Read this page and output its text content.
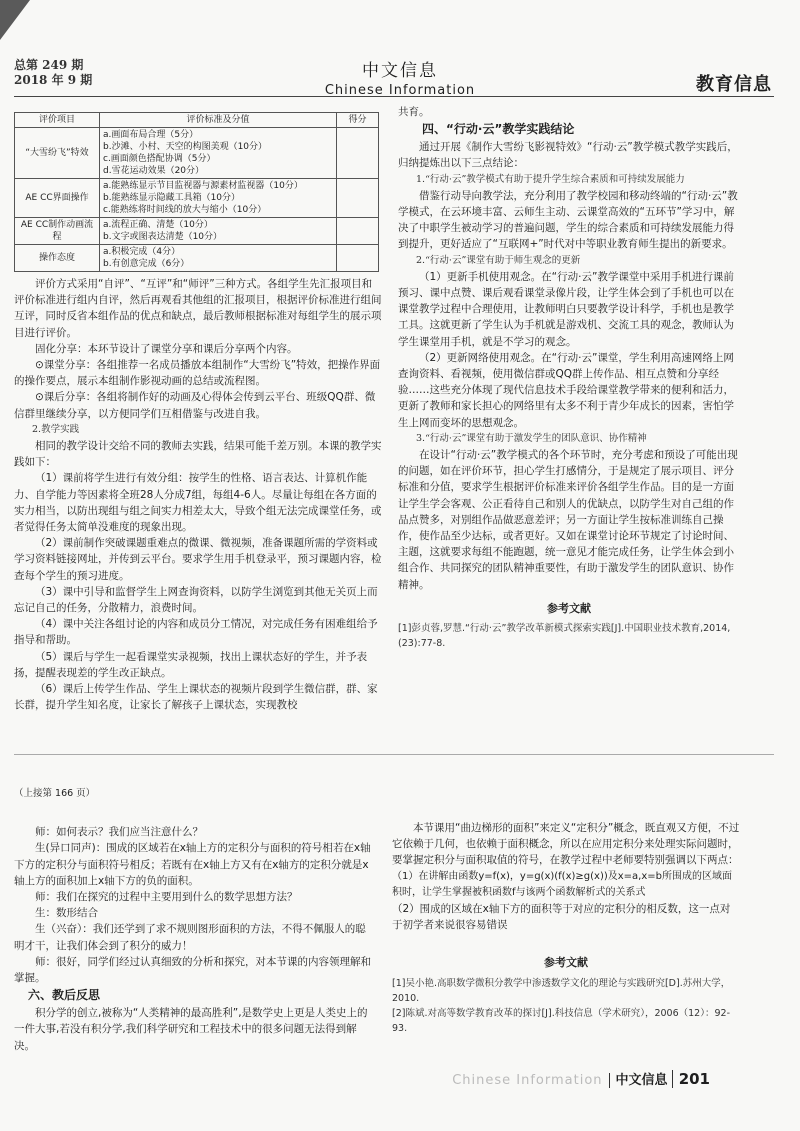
总第 249 期
2018 年 9 期	中文信息
Chinese Information	教育信息
评价项目	评价标准及分值	得分
“大雪纷飞”特效	a.画面布局合理（5分）
b.沙滩、小村、天空的构图美观（10分）
c.画面颜色搭配协调（5分）
d.雪花运动效果（20分）	

AE CC界面操作	a.能熟练显示节目监视器与源素材监视器（10分）
b.能熟练显示隐藏工具箱（10分）
c.能熟练将时间线的放大与缩小（10分）	

AE CC制作动画流程	a.流程正确、清楚（10分）
b.文字或图表达清楚（10分）	

操作态度	a.积极完成（4分）
b.有创意完成（6分）	

评价方式采用“自评”、“互评”和“师评”三种方式。各组学生先汇报项目和评价标准进行组内自评，然后再观看其他组的汇报项目，根据评价标准进行组间互评，同时反省本组作品的优点和缺点，最后教师根据标准对每组学生的展示项目进行评价。

固化分享：本环节设计了课堂分享和课后分享两个内容。

⊙课堂分享：各组推荐一名成员播放本组制作“大雪纷飞”特效，把操作界面的操作要点，展示本组制作影视动画的总结或流程图。

⊙课后分享：各组将制作好的动画及心得体会传到云平台、班级QQ群、微信群里继续分享，以方便同学们互相借鉴与改进自我。

2.教学实践

相同的教学设计交给不同的教师去实践，结果可能千差万别。本课的教学实践如下：

（1）课前将学生进行有效分组：按学生的性格、语言表达、计算机作能力、自学能力等因素将全班28人分成7组，每组4-6人。尽量让每组在各方面的实力相当，以防出现组与组之间实力相差太大，导致个组无法完成课堂任务，或者觉得任务太简单没难度的现象出现。

（2）课前制作突破课题重难点的微课、微视频，准备课题所需的学资料或学习资料链接网址，并传到云平台。要求学生用手机登录平，预习课题内容，检查每个学生的预习进度。

（3）课中引导和监督学生上网查询资料，以防学生浏览到其他无关页上而忘记自己的任务，分散精力，浪费时间。

（4）课中关注各组讨论的内容和成员分工情况，对完成任务有困难组给予指导和帮助。

（5）课后与学生一起看课堂实录视频，找出上课状态好的学生，并予表扬，提醒表现差的学生改正缺点。

（6）课后上传学生作品、学生上课状态的视频片段到学生微信群，群、家长群，提升学生知名度，让家长了解孩子上课状态，实现教校

共育。

四、“行动·云”教学实践结论

通过开展《制作大雪纷飞影视特效》“行动·云”教学模式教学实践后，归纳提炼出以下三点结论：

1.“行动·云”教学模式有助于提升学生综合素质和可持续发展能力

借鉴行动导向教学法，充分利用了教学校园和移动终端的“行动·云”教学模式，在云环境丰富、云师生主动、云课堂高效的“五环节”学习中，解决了中职学生被动学习的普遍问题，学生的综合素质和可持续发展能力得到提升，更好适应了“互联网+”时代对中等职业教育师生提出的新要求。

2.“行动·云”课堂有助于师生观念的更新

（1）更新手机使用观念。在“行动·云”教学课堂中采用手机进行课前预习、课中点赞、课后观看课堂录像片段，让学生体会到了手机也可以在课堂教学过程中合理使用，让教师明白只要教学设计科学，手机也是教学工具。这就更新了学生认为手机就是游戏机、交流工具的观念，教师认为学生课堂用手机，就是不学习的观念。

（2）更新网络使用观念。在“行动·云”课堂，学生利用高速网络上网查询资料、看视频，使用微信群或QQ群上传作品、相互点赞和分享经验……这些充分体现了现代信息技术手段给课堂教学带来的便利和活力，更新了教师和家长担心的网络里有太多不利于青少年成长的因素，害怕学生上网而变坏的思想观念。

3.“行动·云”课堂有助于激发学生的团队意识、协作精神

在设计“行动·云”教学模式的各个环节时，充分考虑和预设了可能出现的问题，如在评价环节，担心学生打感情分，于是规定了展示项目、评分标准和分值，要求学生根据评价标准来评价各组学生作品。目的是一方面让学生学会客观、公正看待自己和别人的优缺点，以防学生对自己组的作品点赞多，对别组作品做恶意差评；另一方面让学生按标准训练自己操作，使作品至少达标，或者更好。又如在课堂讨论环节规定了讨论时间、主题，这就要求每组不能跑题，统一意见才能完成任务，让学生体会到小组合作、共同探究的团队精神重要性，有助于激发学生的团队意识、协作精神。

参考文献

[1]彭贞蓉,罗慧.“行动·云”教学改革新模式探索实践[J].中国职业技术教育,2014,(23):77-8.

（上接第 166 页）

师：如何表示？我们应当注意什么？

生(异口同声)：围成的区域若在x轴上方的定积分与面积的符号相若在x轴下方的定积分与面积符号相反；若既有在x轴上方又有在x轴方的定积分就是x轴上方的面积加上x轴下方的负的面积。

师：我们在探究的过程中主要用到什么的数学思想方法？

生：数形结合

生（兴奋）：我们还学到了求不规则图形面积的方法，不得不佩服人的聪明才干，让我们体会到了积分的威力！

师：很好，同学们经过认真细致的分析和探究，对本节课的内容领理解和掌握。

六、教后反思

积分学的创立,被称为“人类精神的最高胜利”,是数学史上更是人类史上的一件大事,若没有积分学,我们科学研究和工程技术中的很多问题无法得到解决。

本节课用“曲边梯形的面积”来定义“定积分”概念，既直观又方便，不过它依赖于几何，也依赖于面积概念，所以在应用定积分来处理实际问题时，要掌握定积分与面积取值的符号，在教学过程中老师要特别强调以下两点：

（1）在讲解由函数y=f(x)，y=g(x)(f(x)≥g(x))及x=a,x=b所围成的区域面积时，让学生掌握被积函数f与该两个函数解析式的关系式

（2）围成的区域在x轴下方的面积等于对应的定积分的相反数，这一点对于初学者来说很容易错误

参考文献

[1]吴小艳.高职数学微积分教学中渗透数学文化的理论与实践研究[D].苏州大学，2010.

[2]陈斌.对高等数学教育改革的探讨[J].科技信息（学术研究），2006（12）：92-93.

Chinese Information 中文信息 201
